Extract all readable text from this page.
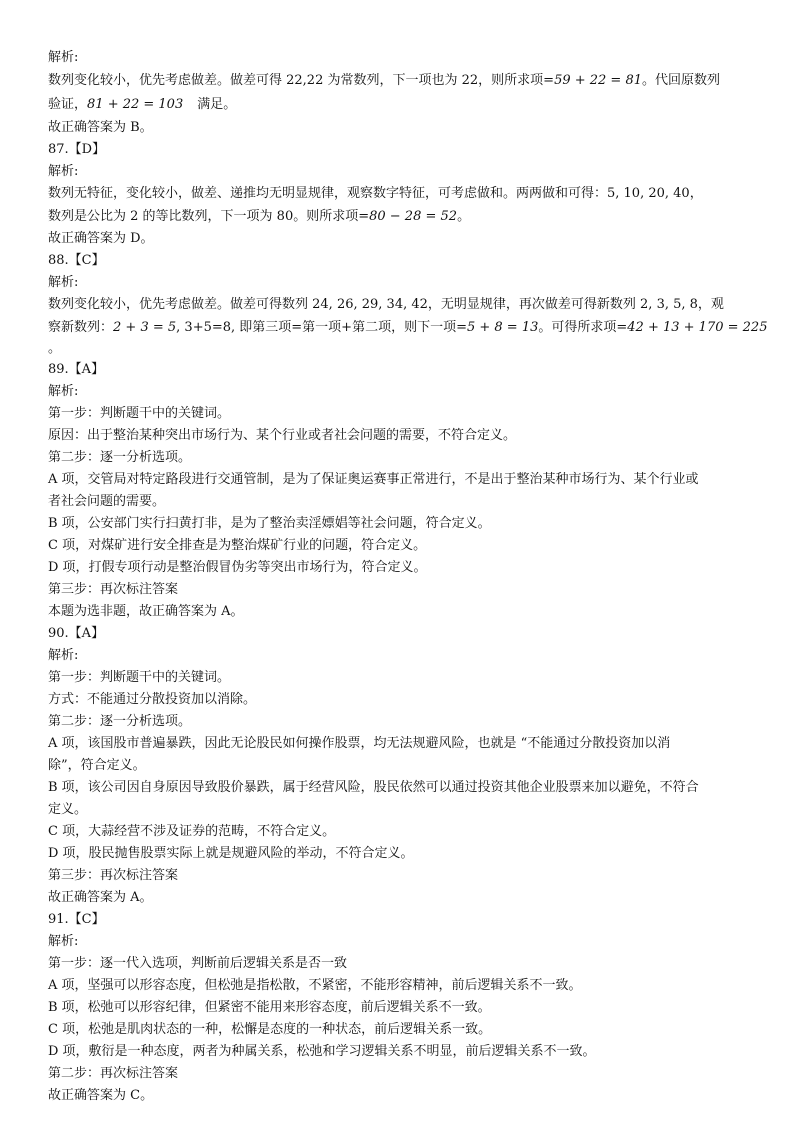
解析:
数列变化较小，优先考虑做差。做差可得 22,22 为常数列，下一项也为 22，则所求项=59 + 22 = 81。代回原数列
验证，81 + 22 = 103 满足。
故正确答案为 B。
87.【D】
解析:
数列无特征，变化较小，做差、递推均无明显规律，观察数字特征，可考虑做和。两两做和可得：5, 10, 20, 40，
数列是公比为 2 的等比数列，下一项为 80。则所求项=80 − 28 = 52。
故正确答案为 D。
88.【C】
解析:
数列变化较小，优先考虑做差。做差可得数列 24, 26, 29, 34, 42，无明显规律，再次做差可得新数列 2, 3, 5, 8，观
察新数列：2 + 3 = 5, 3+5=8, 即第三项=第一项+第二项，则下一项=5 + 8 = 13。可得所求项=42 + 13 + 170 = 225
。
89.【A】
解析:
第一步：判断题干中的关键词。
原因：出于整治某种突出市场行为、某个行业或者社会问题的需要，不符合定义。
第二步：逐一分析选项。
A 项，交管局对特定路段进行交通管制，是为了保证奥运赛事正常进行，不是出于整治某种市场行为、某个行业或
者社会问题的需要。
B 项，公安部门实行扫黄打非，是为了整治卖淫嫖娼等社会问题，符合定义。
C 项，对煤矿进行安全排查是为整治煤矿行业的问题，符合定义。
D 项，打假专项行动是整治假冒伪劣等突出市场行为，符合定义。
第三步：再次标注答案
本题为选非题，故正确答案为 A。
90.【A】
解析:
第一步：判断题干中的关键词。
方式：不能通过分散投资加以消除。
第二步：逐一分析选项。
A 项，该国股市普遍暴跌，因此无论股民如何操作股票，均无法规避风险，也就是 “不能通过分散投资加以消
除”，符合定义。
B 项，该公司因自身原因导致股价暴跌，属于经营风险，股民依然可以通过投资其他企业股票来加以避免，不符合
定义。
C 项，大蒜经营不涉及证券的范畴，不符合定义。
D 项，股民抛售股票实际上就是规避风险的举动，不符合定义。
第三步：再次标注答案
故正确答案为 A。
91.【C】
解析:
第一步：逐一代入选项，判断前后逻辑关系是否一致
A 项，坚强可以形容态度，但松弛是指松散，不紧密，不能形容精神，前后逻辑关系不一致。
B 项，松弛可以形容纪律，但紧密不能用来形容态度，前后逻辑关系不一致。
C 项，松弛是肌肉状态的一种，松懈是态度的一种状态，前后逻辑关系一致。
D 项，敷衍是一种态度，两者为种属关系，松弛和学习逻辑关系不明显，前后逻辑关系不一致。
第二步：再次标注答案
故正确答案为 C。
